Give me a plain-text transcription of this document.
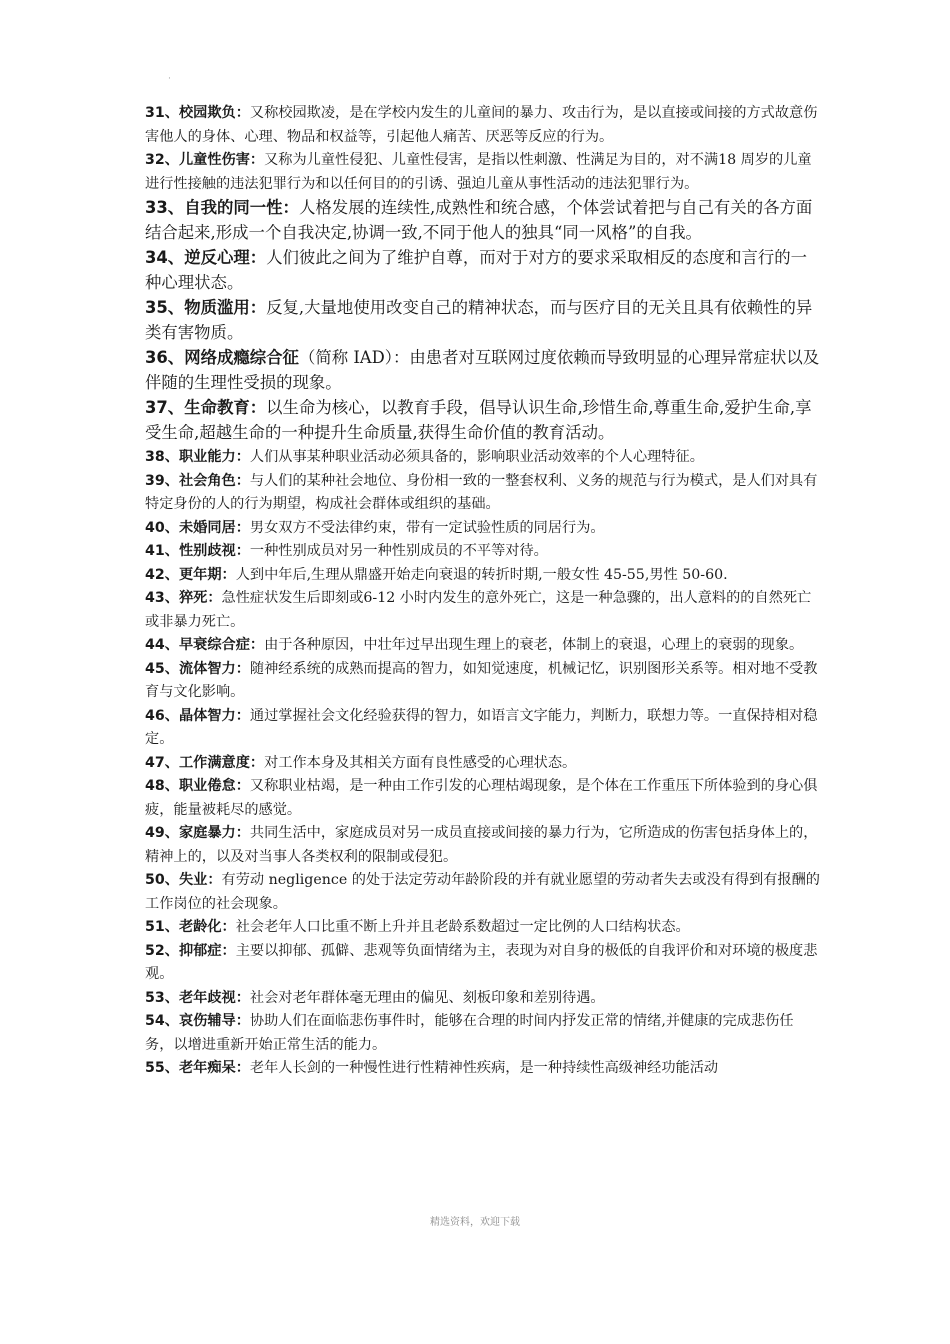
·

31、校园欺负：又称校园欺凌，是在学校内发生的儿童间的暴力、攻击行为，是以直接或间接的方式故意伤害他人的身体、心理、物品和权益等，引起他人痛苦、厌恶等反应的行为。

32、儿童性伤害：又称为儿童性侵犯、儿童性侵害，是指以性刺激、性满足为目的，对不满18 周岁的儿童进行性接触的违法犯罪行为和以任何目的的引诱、强迫儿童从事性活动的违法犯罪行为。

33、自我的同一性：人格发展的连续性,成熟性和统合感，个体尝试着把与自己有关的各方面结合起来,形成一个自我决定,协调一致,不同于他人的独具“同一风格”的自我。

34、逆反心理：人们彼此之间为了维护自尊，而对于对方的要求采取相反的态度和言行的一种心理状态。

35、物质滥用：反复,大量地使用改变自己的精神状态，而与医疗目的无关且具有依赖性的异类有害物质。

36、网络成瘾综合征（简称 IAD）：由患者对互联网过度依赖而导致明显的心理异常症状以及伴随的生理性受损的现象。

37、生命教育：以生命为核心，以教育手段，倡导认识生命,珍惜生命,尊重生命,爱护生命,享受生命,超越生命的一种提升生命质量,获得生命价值的教育活动。

38、职业能力：人们从事某种职业活动必须具备的，影响职业活动效率的个人心理特征。

39、社会角色：与人们的某种社会地位、身份相一致的一整套权利、义务的规范与行为模式，是人们对具有特定身份的人的行为期望，构成社会群体或组织的基础。

40、未婚同居：男女双方不受法律约束，带有一定试验性质的同居行为。

41、性别歧视：一种性别成员对另一种性别成员的不平等对待。

42、更年期：人到中年后,生理从鼎盛开始走向衰退的转折时期,一般女性 45-55,男性 50-60.

43、猝死：急性症状发生后即刻或6-12 小时内发生的意外死亡，这是一种急骤的，出人意料的的自然死亡或非暴力死亡。

44、早衰综合症：由于各种原因，中壮年过早出现生理上的衰老，体制上的衰退，心理上的衰弱的现象。

45、流体智力：随神经系统的成熟而提高的智力，如知觉速度，机械记忆，识别图形关系等。相对地不受教育与文化影响。

46、晶体智力：通过掌握社会文化经验获得的智力，如语言文字能力，判断力，联想力等。一直保持相对稳定。

47、工作满意度：对工作本身及其相关方面有良性感受的心理状态。

48、职业倦怠：又称职业枯竭，是一种由工作引发的心理枯竭现象，是个体在工作重压下所体验到的身心俱疲，能量被耗尽的感觉。

49、家庭暴力：共同生活中，家庭成员对另一成员直接或间接的暴力行为，它所造成的伤害包括身体上的，精神上的，以及对当事人各类权利的限制或侵犯。

50、失业：有劳动 negligence 的处于法定劳动年龄阶段的并有就业愿望的劳动者失去或没有得到有报酬的工作岗位的社会现象。

51、老龄化：社会老年人口比重不断上升并且老龄系数超过一定比例的人口结构状态。

52、抑郁症：主要以抑郁、孤僻、悲观等负面情绪为主，表现为对自身的极低的自我评价和对环境的极度悲观。

53、老年歧视：社会对老年群体毫无理由的偏见、刻板印象和差别待遇。

54、哀伤辅导：协助人们在面临悲伤事件时，能够在合理的时间内抒发正常的情绪,并健康的完成悲伤任务，以增进重新开始正常生活的能力。

55、老年痴呆：老年人长剑的一种慢性进行性精神性疾病，是一种持续性高级神经功能活动

精选资料，欢迎下载
